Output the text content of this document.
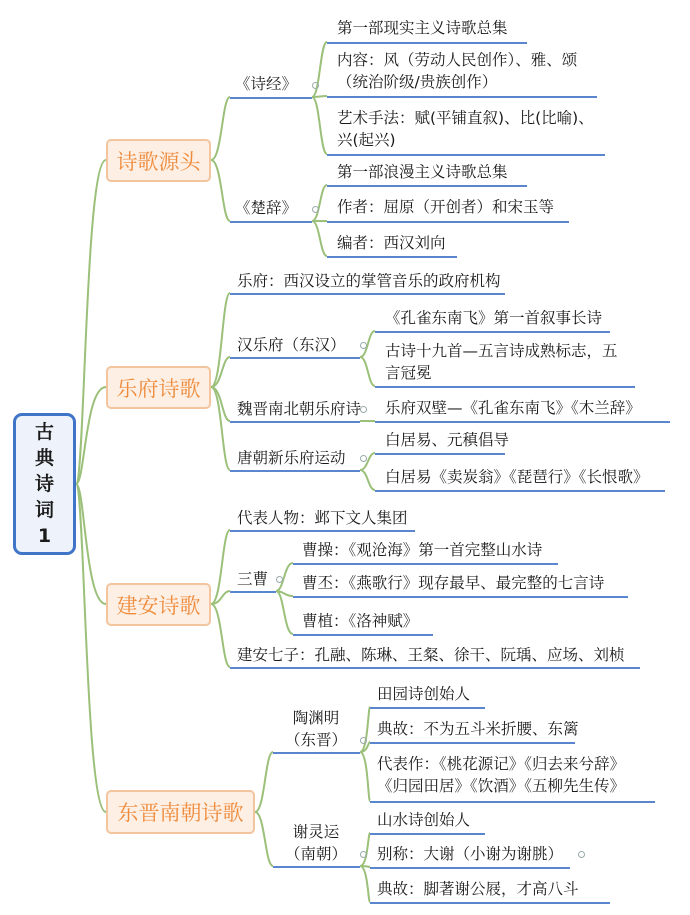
古典诗词1
诗歌源头
乐府诗歌
建安诗歌
东晋南朝诗歌
《诗经》
第一部现实主义诗歌总集
内容：风（劳动人民创作）、雅、颂（统治阶级/贵族创作）
艺术手法：赋(平铺直叙)、比(比喻)、兴(起兴)
《楚辞》
第一部浪漫主义诗歌总集
作者：屈原（开创者）和宋玉等
编者：西汉刘向
乐府：西汉设立的掌管音乐的政府机构
汉乐府（东汉）
《孔雀东南飞》第一首叙事长诗
古诗十九首—五言诗成熟标志，五言冠冕
魏晋南北朝乐府诗 乐府双壁—《孔雀东南飞》《木兰辞》
唐朝新乐府运动
白居易、元稹倡导
白居易《卖炭翁》《琵琶行》《长恨歌》
代表人物：邺下文人集团
三曹
曹操：《观沧海》第一首完整山水诗
曹丕：《燕歌行》现存最早、最完整的七言诗
曹植：《洛神赋》
建安七子：孔融、陈琳、王粲、徐干、阮瑀、应场、刘桢
陶渊明（东晋）
田园诗创始人
典故：不为五斗米折腰、东篱
代表作：《桃花源记》《归去来兮辞》《归园田居》《饮酒》《五柳先生传》
谢灵运（南朝）
山水诗创始人
别称：大谢（小谢为谢朓）
典故：脚著谢公屐，才高八斗
